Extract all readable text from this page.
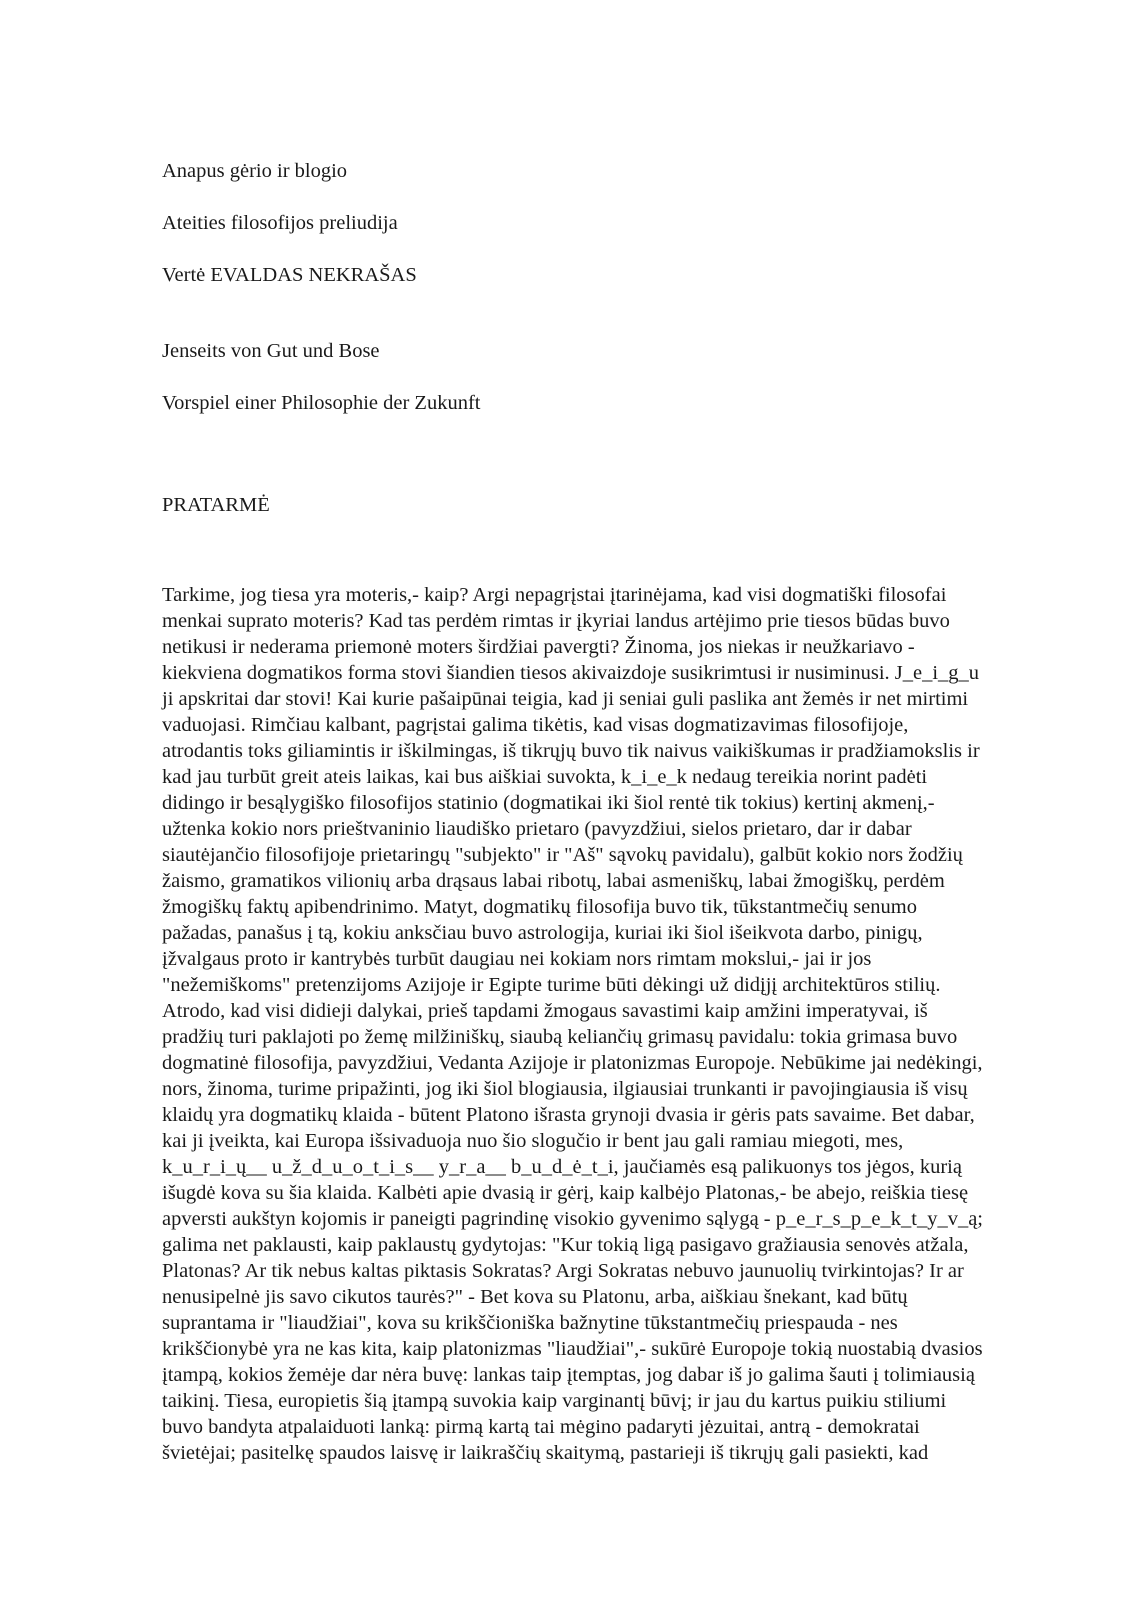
Anapus gėrio ir blogio

Ateities filosofijos preliudija

Vertė EVALDAS NEKRAŠAS

Jenseits von Gut und Bose

Vorspiel einer Philosophie der Zukunft

PRATARMĖ

Tarkime, jog tiesa yra moteris,- kaip? Argi nepagrįstai įtarinėjama, kad visi dogmatiški filosofai
menkai suprato moteris? Kad tas perdėm rimtas ir įkyriai landus artėjimo prie tiesos būdas buvo
netikusi ir nederama priemonė moters širdžiai pavergti? Žinoma, jos niekas ir neužkariavo -
kiekviena dogmatikos forma stovi šiandien tiesos akivaizdoje susikrimtusi ir nusiminusi. J_e_i_g_u
ji apskritai dar stovi! Kai kurie pašaipūnai teigia, kad ji seniai guli paslika ant žemės ir net mirtimi
vaduojasi. Rimčiau kalbant, pagrįstai galima tikėtis, kad visas dogmatizavimas filosofijoje,
atrodantis toks giliamintis ir iškilmingas, iš tikrųjų buvo tik naivus vaikiškumas ir pradžiamokslis ir
kad jau turbūt greit ateis laikas, kai bus aiškiai suvokta, k_i_e_k nedaug tereikia norint padėti
didingo ir besąlygiško filosofijos statinio (dogmatikai iki šiol rentė tik tokius) kertinį akmenį,-
užtenka kokio nors prieštvaninio liaudiško prietaro (pavyzdžiui, sielos prietaro, dar ir dabar
siautėjančio filosofijoje prietaringų "subjekto" ir "Aš" sąvokų pavidalu), galbūt kokio nors žodžių
žaismo, gramatikos vilionių arba drąsaus labai ribotų, labai asmeniškų, labai žmogiškų, perdėm
žmogiškų faktų apibendrinimo. Matyt, dogmatikų filosofija buvo tik, tūkstantmečių senumo
pažadas, panašus į tą, kokiu anksčiau buvo astrologija, kuriai iki šiol išeikvota darbo, pinigų,
įžvalgaus proto ir kantrybės turbūt daugiau nei kokiam nors rimtam mokslui,- jai ir jos
"nežemiškoms" pretenzijoms Azijoje ir Egipte turime būti dėkingi už didįjį architektūros stilių.
Atrodo, kad visi didieji dalykai, prieš tapdami žmogaus savastimi kaip amžini imperatyvai, iš
pradžių turi paklajoti po žemę milžiniškų, siaubą keliančių grimasų pavidalu: tokia grimasa buvo
dogmatinė filosofija, pavyzdžiui, Vedanta Azijoje ir platonizmas Europoje. Nebūkime jai nedėkingi,
nors, žinoma, turime pripažinti, jog iki šiol blogiausia, ilgiausiai trunkanti ir pavojingiausia iš visų
klaidų yra dogmatikų klaida - būtent Platono išrasta grynoji dvasia ir gėris pats savaime. Bet dabar,
kai ji įveikta, kai Europa išsivaduoja nuo šio slogučio ir bent jau gali ramiau miegoti, mes,
k_u_r_i_ų__ u_ž_d_u_o_t_i_s__ y_r_a__ b_u_d_ė_t_i, jaučiamės esą palikuonys tos jėgos, kurią
išugdė kova su šia klaida. Kalbėti apie dvasią ir gėrį, kaip kalbėjo Platonas,- be abejo, reiškia tiesę
apversti aukštyn kojomis ir paneigti pagrindinę visokio gyvenimo sąlygą - p_e_r_s_p_e_k_t_y_v_ą;
galima net paklausti, kaip paklaustų gydytojas: "Kur tokią ligą pasigavo gražiausia senovės atžala,
Platonas? Ar tik nebus kaltas piktasis Sokratas? Argi Sokratas nebuvo jaunuolių tvirkintojas? Ir ar
nenusipelnė jis savo cikutos taurės?" - Bet kova su Platonu, arba, aiškiau šnekant, kad būtų
suprantama ir "liaudžiai", kova su krikščioniška bažnytine tūkstantmečių priespauda - nes
krikščionybė yra ne kas kita, kaip platonizmas "liaudžiai",- sukūrė Europoje tokią nuostabią dvasios
įtampą, kokios žemėje dar nėra buvę: lankas taip įtemptas, jog dabar iš jo galima šauti į tolimiausią
taikinį. Tiesa, europietis šią įtampą suvokia kaip varginantį būvį; ir jau du kartus puikiu stiliumi
buvo bandyta atpalaiduoti lanką: pirmą kartą tai mėgino padaryti jėzuitai, antrą - demokratai
švietėjai; pasitelkę spaudos laisvę ir laikraščių skaitymą, pastarieji iš tikrųjų gali pasiekti, kad
